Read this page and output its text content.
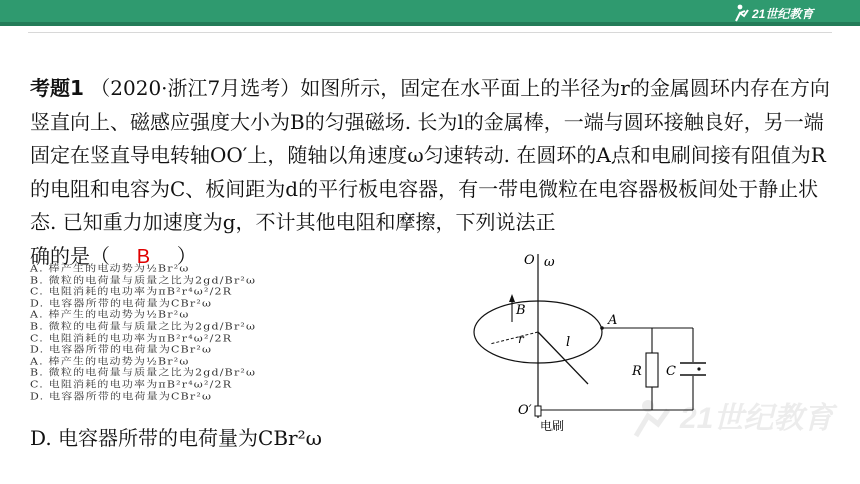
21世纪教育
考题1 （2020·浙江7月选考）如图所示，固定在水平面上的半径为r的金属圆环内存在方向竖直向上、磁感应强度大小为B的匀强磁场. 长为l的金属棒，一端与圆环接触良好，另一端固定在竖直导电转轴OO′上，随轴以角速度ω匀速转动. 在圆环的A点和电刷间接有阻值为R的电阻和电容为C、板间距为d的平行板电容器，有一带电微粒在电容器极板间处于静止状态. 已知重力加速度为g，不计其他电阻和摩擦，下列说法正
确的是（ B ）
A. 棒产生的电动势为½Br²ω
B. 微粒的电荷量与质量之比为2gd/Br²ω
C. 电阻消耗的电功率为πB²r⁴ω²/2R
D. 电容器所带的电荷量为CBr²ω
A. 棒产生的电动势为½Br²ω
B. 微粒的电荷量与质量之比为2gd/Br²ω
C. 电阻消耗的电功率为πB²r⁴ω²/2R
D. 电容器所带的电荷量为CBr²ω
A. 棒产生的电动势为½Br²ω
B. 微粒的电荷量与质量之比为2gd/Br²ω
C. 电阻消耗的电功率为πB²r⁴ω²/2R
D. 电容器所带的电荷量为CBr²ω
D. 电容器所带的电荷量为CBr²ω
21世纪教育
O ω
B
r	l
A
R C
O′
电刷
